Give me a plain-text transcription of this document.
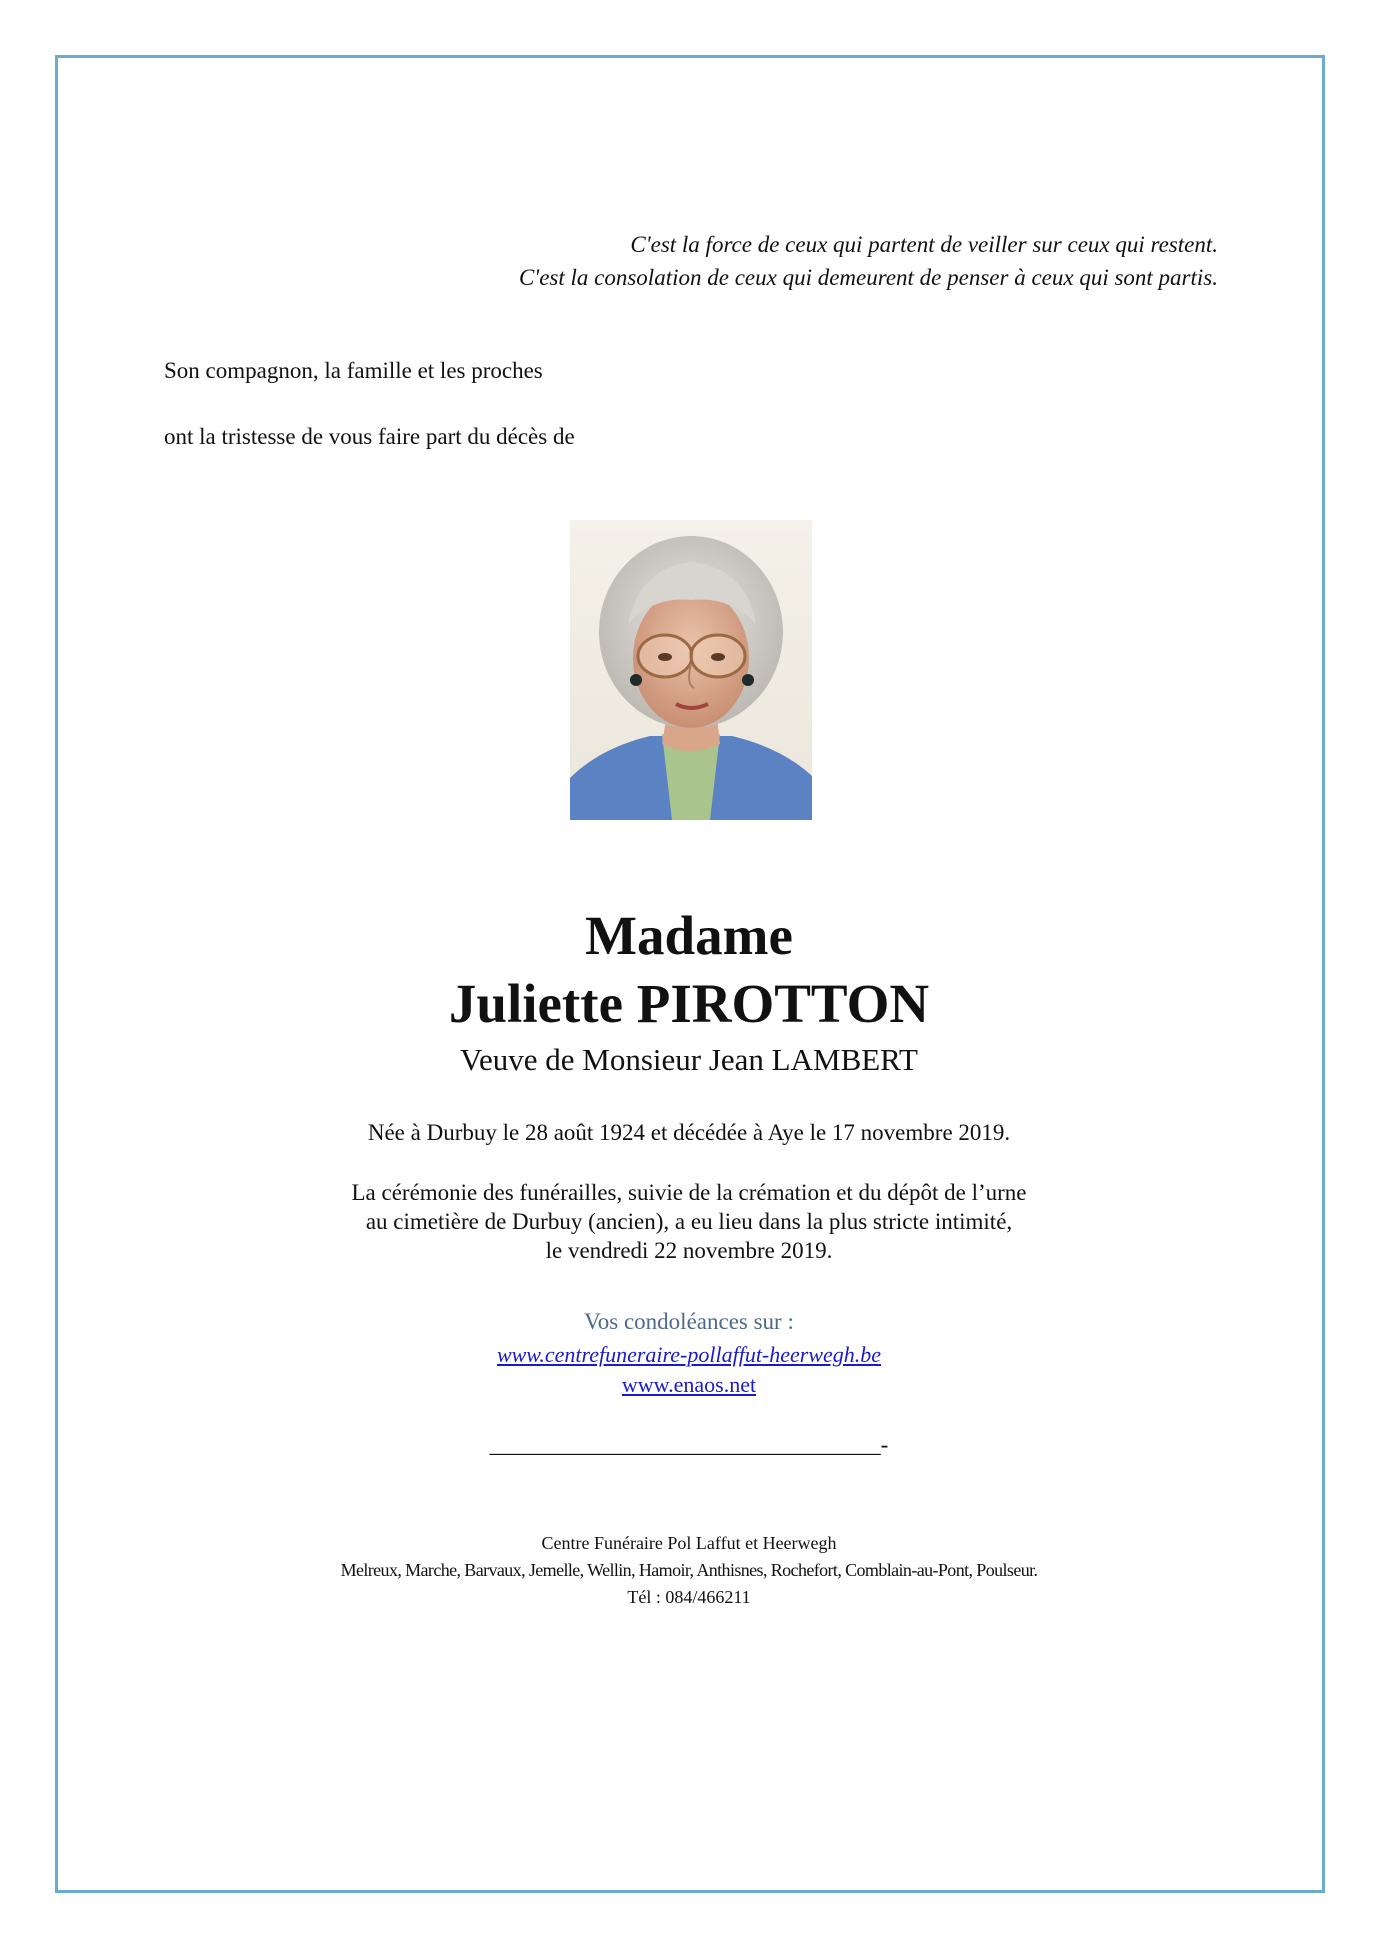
C'est la force de ceux qui partent de veiller sur ceux qui restent.
C'est la consolation de ceux qui demeurent de penser à ceux qui sont partis.
Son compagnon, la famille et les proches
ont la tristesse de vous faire part du décès de
Madame
Juliette PIROTTON
Veuve de Monsieur Jean LAMBERT
Née à Durbuy le 28 août 1924 et décédée à Aye le 17 novembre 2019.
La cérémonie des funérailles, suivie de la crémation et du dépôt de l’urne
au cimetière de Durbuy (ancien), a eu lieu dans la plus stricte intimité,
le vendredi 22 novembre 2019.
Vos condoléances sur :
www.centrefuneraire-pollaffut-heerwegh.be
www.enaos.net
__________________________________-
Centre Funéraire Pol Laffut et Heerwegh
Melreux, Marche, Barvaux, Jemelle, Wellin, Hamoir, Anthisnes, Rochefort, Comblain-au-Pont, Poulseur.
Tél : 084/466211
